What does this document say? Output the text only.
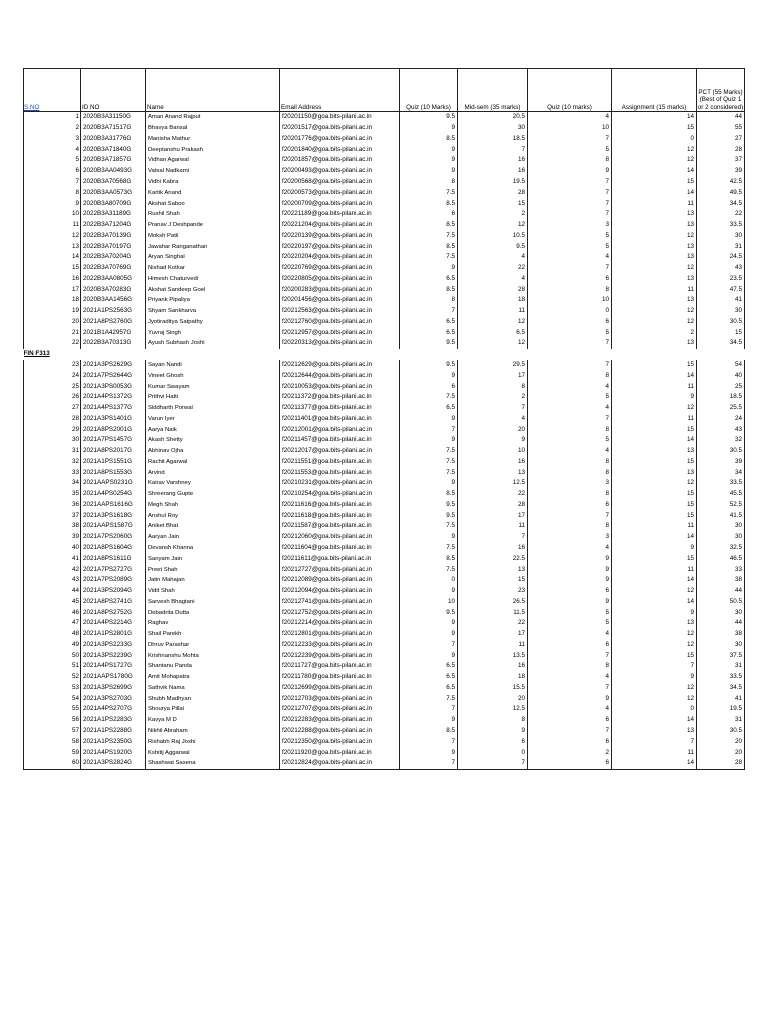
S.NO	ID NO	Name	Email Address	Quiz (10 Marks)	Mid-sem (35 marks)	Quiz (10 marks)	Assignment (15 marks)	PCT (55 Marks) (Best of Quiz 1 or 2 considered)
1	2020B3A31150G	Aman Anand Rajput	f20201150@goa.bits-pilani.ac.in	9.5	20.5	4	14	44
2	2020B3A71517G	Bhavya Bansal	f20201517@goa.bits-pilani.ac.in	9	30	10	15	55
3	2020B3A31776G	Manisha Mathur	f20201776@goa.bits-pilani.ac.in	8.5	18.5	7	0	27
4	2020B3A71840G	Deeptanshu Prakash	f20201840@goa.bits-pilani.ac.in	9	7	5	12	28
5	2020B3A71857G	Vidhan Agarwal	f20201857@goa.bits-pilani.ac.in	9	16	8	12	37
6	2020B3AA0493G	Vatsal Nadkarni	f20200493@goa.bits-pilani.ac.in	9	16	9	14	39
7	2020B3A70568G	Vidhi Kabra	f20200568@goa.bits-pilani.ac.in	8	19.5	7	15	42.5
8	2020B3AA0573G	Kartik Anand	f20200573@goa.bits-pilani.ac.in	7.5	28	7	14	49.5
9	2020B3A80709G	Akshat Saboo	f20200709@goa.bits-pilani.ac.in	8.5	15	7	11	34.5
10	2022B3A31189G	Rushil Shah	f20221189@goa.bits-pilani.ac.in	6	2	7	13	22
11	2022B3A71204G	Pranav J Deshpande	f20221204@goa.bits-pilani.ac.in	8.5	12	3	13	33.5
12	2022B3A70139G	Moksh Patil	f20220139@goa.bits-pilani.ac.in	7.5	10.5	5	12	30
13	2022B3A70197G	Jawahar Ranganathan	f20220197@goa.bits-pilani.ac.in	8.5	9.5	5	13	31
14	2022B3A70204G	Aryan Singhal	f20220204@goa.bits-pilani.ac.in	7.5	4	4	13	24.5
15	2022B3A70769G	Nishad Kotkar	f20220769@goa.bits-pilani.ac.in	9	22	7	12	43
16	2022B3AA0805G	Himesh Chaturvedi	f20220805@goa.bits-pilani.ac.in	6.5	4	6	13	23.5
17	2020B3A70283G	Akshat Sandeep Goel	f20200283@goa.bits-pilani.ac.in	8.5	28	8	11	47.5
18	2020B3AA1456G	Priyank Pipaliya	f20201456@goa.bits-pilani.ac.in	8	18	10	13	41
19	2021A1PS2563G	Shyam Sankharva	f20212563@goa.bits-pilani.ac.in	7	11	0	12	30
20	2021A8PS2760G	Jyotiraditya Satpathy	f20212760@goa.bits-pilani.ac.in	6.5	12	6	12	30.5
21	2021B1A42957G	Yuvraj Singh	f20212957@goa.bits-pilani.ac.in	6.5	6.5	5	2	15
22	2022B3A70313G	Ayush Subhash Joshi	f20220313@goa.bits-pilani.ac.in	9.5	12	7	13	34.5
FIN F313								
23	2021A3PS2629G	Sayan Nandi	f20212629@goa.bits-pilani.ac.in	9.5	29.5	7	15	54
24	2021A7PS2644G	Vineet Ghosh	f20212644@goa.bits-pilani.ac.in	9	17	8	14	40
25	2021A3PS0053G	Kumar Swayam	f20210053@goa.bits-pilani.ac.in	6	8	4	11	25
26	2021A4PS1372G	Prithvi Hatti	f20211372@goa.bits-pilani.ac.in	7.5	2	5	9	18.5
27	2021A4PS1377G	Siddharth Porwal	f20211377@goa.bits-pilani.ac.in	6.5	7	4	12	25.5
28	2021A3PS1401G	Varun Iyer	f20211401@goa.bits-pilani.ac.in	9	4	7	11	24
29	2021A8PS2001G	Aarya Naik	f20212001@goa.bits-pilani.ac.in	7	20	8	15	43
30	2021A7PS1457G	Akash Shetty	f20211457@goa.bits-pilani.ac.in	9	9	5	14	32
31	2021A8PS2017G	Abhinav Ojha	f20212017@goa.bits-pilani.ac.in	7.5	10	4	13	30.5
32	2021A1PS1551G	Rachit Agarwal	f20211551@goa.bits-pilani.ac.in	7.5	16	8	15	39
33	2021A8PS1553G	Arvind	f20211553@goa.bits-pilani.ac.in	7.5	13	8	13	34
34	2021AAPS0231G	Kairav Varshney	f20210231@goa.bits-pilani.ac.in	9	12.5	3	12	33.5
35	2021A4PS0254G	Shreerang Gupte	f20210254@goa.bits-pilani.ac.in	8.5	22	8	15	45.5
36	2021AAPS1616G	Megh Shah	f20211616@goa.bits-pilani.ac.in	9.5	28	6	15	52.5
37	2021A3PS1618G	Anshul Roy	f20211618@goa.bits-pilani.ac.in	9.5	17	7	15	41.5
38	2021AAPS1587G	Aniket Bhat	f20211587@goa.bits-pilani.ac.in	7.5	11	8	11	30
39	2021A7PS2060G	Aaryan Jain	f20212060@goa.bits-pilani.ac.in	9	7	3	14	30
40	2021A8PS1604G	Devansh Khanna	f20211604@goa.bits-pilani.ac.in	7.5	16	4	9	32.5
41	2021A8PS1611G	Sanyam Jain	f20211611@goa.bits-pilani.ac.in	8.5	22.5	9	15	46.5
42	2021A7PS2727G	Preet Shah	f20212727@goa.bits-pilani.ac.in	7.5	13	9	11	33
43	2021A7PS2089G	Jatin Mahajan	f20212089@goa.bits-pilani.ac.in	0	15	9	14	38
44	2021A3PS2094G	Vidit Shah	f20212094@goa.bits-pilani.ac.in	9	23	6	12	44
45	2021A8PS2741G	Sarvesh Bhagtani	f20212741@goa.bits-pilani.ac.in	10	26.5	9	14	50.5
46	2021A8PS2752G	Debadrita Dutta	f20212752@goa.bits-pilani.ac.in	9.5	11.5	5	9	30
47	2021A4PS2214G	Raghav	f20212214@goa.bits-pilani.ac.in	9	22	5	13	44
48	2021A1PS2801G	Shail Parekh	f20212801@goa.bits-pilani.ac.in	9	17	4	12	38
49	2021A3PS2233G	Dhruv Parashar	f20212233@goa.bits-pilani.ac.in	7	11	6	12	30
50	2021A3PS2239G	Krishnanshu Mohta	f20212239@goa.bits-pilani.ac.in	9	13.5	7	15	37.5
51	2021A4PS1727G	Shantanu Panda	f20211727@goa.bits-pilani.ac.in	6.5	16	8	7	31
52	2021AAPS1780G	Amit Mohapatra	f20211780@goa.bits-pilani.ac.in	6.5	18	4	9	33.5
53	2021A3PS2699G	Sathvik Nama	f20212699@goa.bits-pilani.ac.in	6.5	15.5	7	12	34.5
54	2021A3PS2703G	Shubh Madhyan	f20212703@goa.bits-pilani.ac.in	7.5	20	9	12	41
55	2021A4PS2707G	Shourya Pillai	f20212707@goa.bits-pilani.ac.in	7	12.5	4	0	19.5
56	2021A1PS2283G	Kavya M D	f20212283@goa.bits-pilani.ac.in	9	8	6	14	31
57	2021A1PS2288G	Nikhil Abraham	f20212288@goa.bits-pilani.ac.in	8.5	9	7	13	30.5
58	2021A1PS2350G	Rishabh Raj Joshi	f20212350@goa.bits-pilani.ac.in	7	6	6	7	20
59	2021A4PS1920G	Kshitij Aggarwal	f20211920@goa.bits-pilani.ac.in	9	0	2	11	20
60	2021A3PS2824G	Shashwat Saxena	f20212824@goa.bits-pilani.ac.in	7	7	6	14	28
